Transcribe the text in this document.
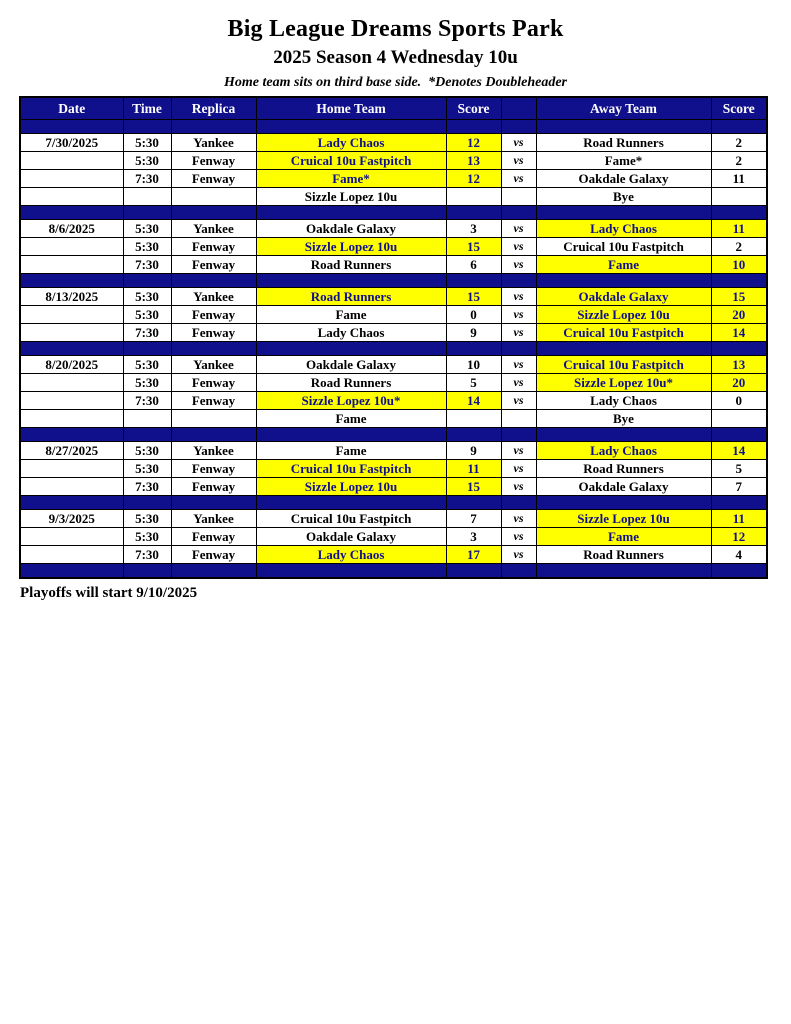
Big League Dreams Sports Park
2025 Season 4 Wednesday 10u

Home team sits on third base side.  *Denotes Doubleheader

Date	Time	Replica	Home Team	Score		Away Team	Score

7/30/2025	5:30	Yankee	Lady Chaos	12	vs	Road Runners	2
	5:30	Fenway	Cruical 10u Fastpitch	13	vs	Fame*	2
	7:30	Fenway	Fame*	12	vs	Oakdale Galaxy	11
			Sizzle Lopez 10u			Bye	

8/6/2025	5:30	Yankee	Oakdale Galaxy	3	vs	Lady Chaos	11
	5:30	Fenway	Sizzle Lopez 10u	15	vs	Cruical 10u Fastpitch	2
	7:30	Fenway	Road Runners	6	vs	Fame	10

8/13/2025	5:30	Yankee	Road Runners	15	vs	Oakdale Galaxy	15
	5:30	Fenway	Fame	0	vs	Sizzle Lopez 10u	20
	7:30	Fenway	Lady Chaos	9	vs	Cruical 10u Fastpitch	14

8/20/2025	5:30	Yankee	Oakdale Galaxy	10	vs	Cruical 10u Fastpitch	13
	5:30	Fenway	Road Runners	5	vs	Sizzle Lopez 10u*	20
	7:30	Fenway	Sizzle Lopez 10u*	14	vs	Lady Chaos	0
			Fame			Bye	

8/27/2025	5:30	Yankee	Fame	9	vs	Lady Chaos	14
	5:30	Fenway	Cruical 10u Fastpitch	11	vs	Road Runners	5
	7:30	Fenway	Sizzle Lopez 10u	15	vs	Oakdale Galaxy	7

9/3/2025	5:30	Yankee	Cruical 10u Fastpitch	7	vs	Sizzle Lopez 10u	11
	5:30	Fenway	Oakdale Galaxy	3	vs	Fame	12
	7:30	Fenway	Lady Chaos	17	vs	Road Runners	4

Playoffs will start 9/10/2025
